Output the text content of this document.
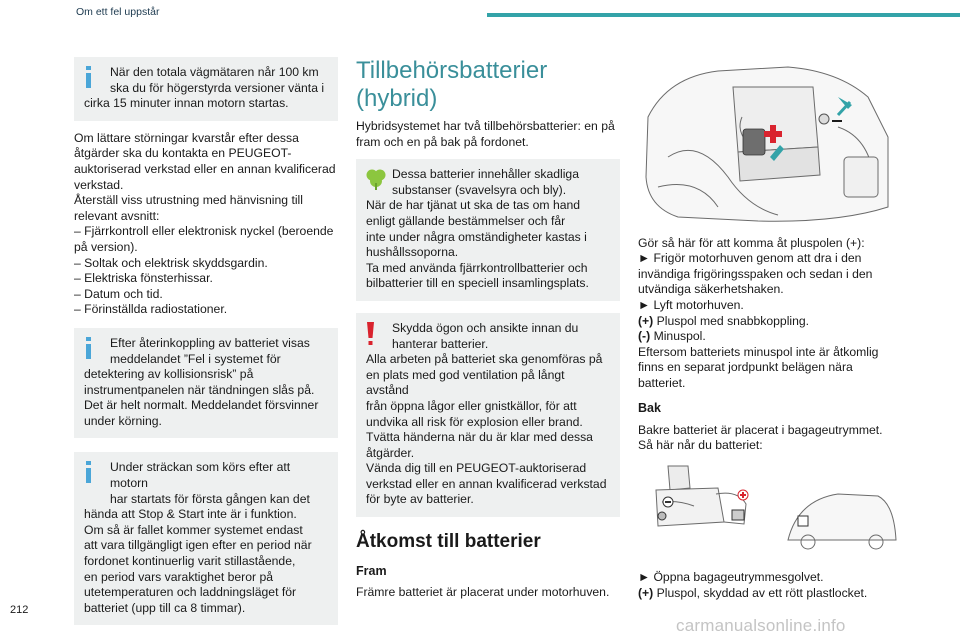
Om ett fel uppstår

När den totala vägmätaren når 100 km

ska du för högerstyrda versioner vänta i

cirka 15 minuter innan motorn startas.

Om lättare störningar kvarstår efter dessa

åtgärder ska du kontakta en PEUGEOT-

auktoriserad verkstad eller en annan kvalificerad

verkstad.

Återställ viss utrustning med hänvisning till

relevant avsnitt:

– Fjärrkontroll eller elektronisk nyckel (beroende

på version).

– Soltak och elektrisk skyddsgardin.

– Elektriska fönsterhissar.

– Datum och tid.

– Förinställda radiostationer.

Efter återinkoppling av batteriet visas

meddelandet ”Fel i systemet för

detektering av kollisionsrisk” på

instrumentpanelen när tändningen slås på.

Det är helt normalt. Meddelandet försvinner

under körning.

Under sträckan som körs efter att motorn

har startats för första gången kan det

hända att Stop & Start inte är i funktion.

Om så är fallet kommer systemet endast

att vara tillgängligt igen efter en period när

fordonet kontinuerlig varit stillastående,

en period vars varaktighet beror på

utetemperaturen och laddningsläget för

batteriet (upp till ca 8 timmar).

Tillbehörsbatterier (hybrid)

Hybridsystemet har två tillbehörsbatterier: en på

fram och en på bak på fordonet.

Dessa batterier innehåller skadliga

substanser (svavelsyra och bly).

När de har tjänat ut ska de tas om hand

enligt gällande bestämmelser och får

inte under några omständigheter kastas i

hushållssoporna.

Ta med använda fjärrkontrollbatterier och

bilbatterier till en speciell insamlingsplats.

Skydda ögon och ansikte innan du

hanterar batterier.

Alla arbeten på batteriet ska genomföras på

en plats med god ventilation på långt avstånd

från öppna lågor eller gnistkällor, för att

undvika all risk för explosion eller brand.

Tvätta händerna när du är klar med dessa

åtgärder.

Vända dig till en PEUGEOT-auktoriserad

verkstad eller en annan kvalificerad verkstad

för byte av batterier.

Åtkomst till batterier
Fram

Främre batteriet är placerat under motorhuven.

Gör så här för att komma åt pluspolen (+):

► Frigör motorhuven genom att dra i den

invändiga frigöringsspaken och sedan i den

utvändiga säkerhetshaken.

► Lyft motorhuven.

(+) Pluspol med snabbkoppling.

(-) Minuspol.

Eftersom batteriets minuspol inte är åtkomlig

finns en separat jordpunkt belägen nära

batteriet.

Bak

Bakre batteriet är placerat i bagageutrymmet.

Så här når du batteriet:

► Öppna bagageutrymmesgolvet.

(+) Pluspol, skyddad av ett rött plastlocket.

212
carmanualsonline.info
